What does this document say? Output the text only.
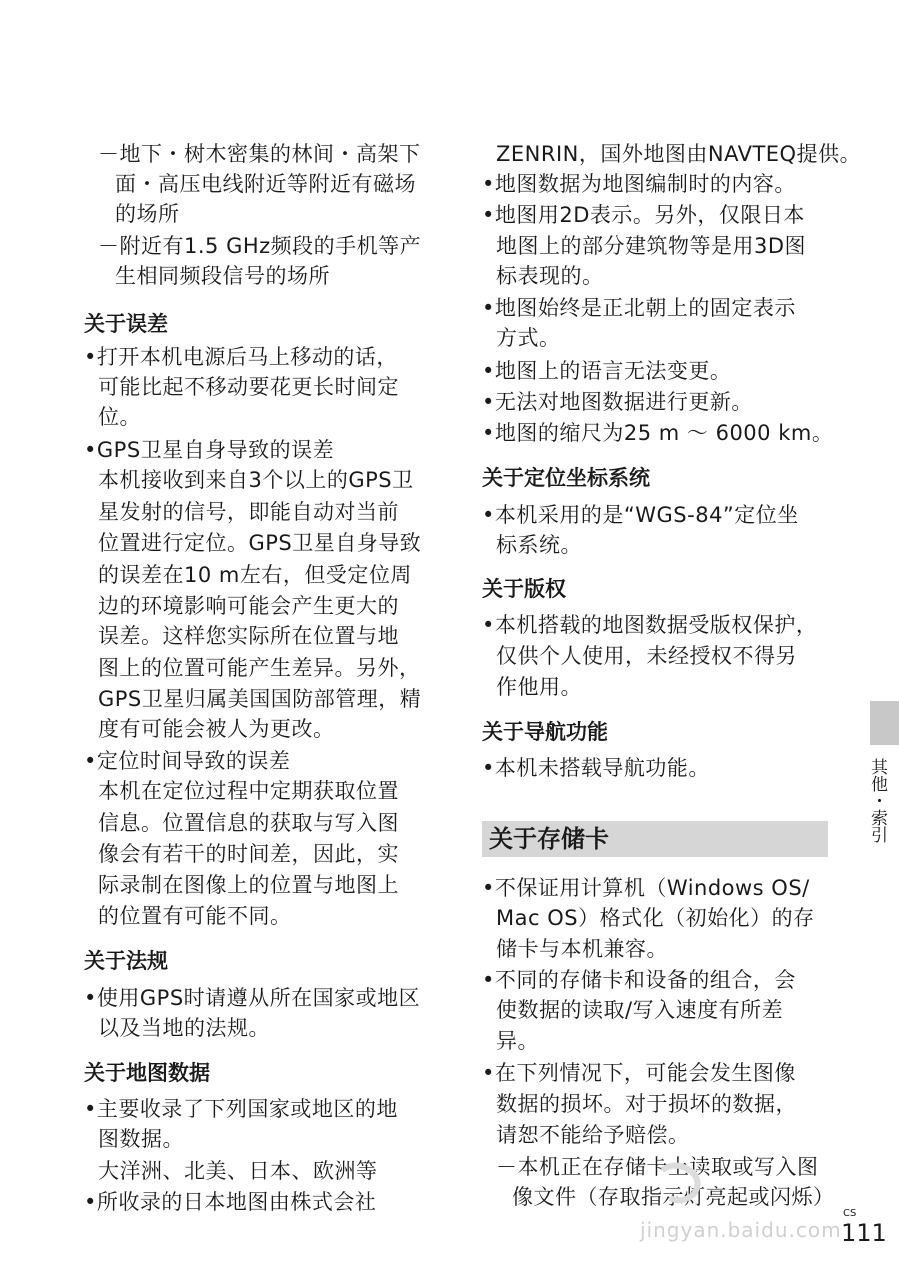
－地下・树木密集的林间・高架下
面・高压电线附近等附近有磁场
的场所
－附近有1.5 GHz频段的手机等产
生相同频段信号的场所
关于误差
•打开本机电源后马上移动的话，
可能比起不移动要花更长时间定
位。
•GPS卫星自身导致的误差
本机接收到来自3个以上的GPS卫
星发射的信号，即能自动对当前
位置进行定位。GPS卫星自身导致
的误差在10 m左右，但受定位周
边的环境影响可能会产生更大的
误差。这样您实际所在位置与地
图上的位置可能产生差异。另外，
GPS卫星归属美国国防部管理，精
度有可能会被人为更改。
•定位时间导致的误差
本机在定位过程中定期获取位置
信息。位置信息的获取与写入图
像会有若干的时间差，因此，实
际录制在图像上的位置与地图上
的位置有可能不同。
关于法规
•使用GPS时请遵从所在国家或地区
以及当地的法规。
关于地图数据
•主要收录了下列国家或地区的地
图数据。
大洋洲、北美、日本、欧洲等
•所收录的日本地图由株式会社
ZENRIN，国外地图由NAVTEQ提供。
•地图数据为地图编制时的内容。
•地图用2D表示。另外，仅限日本
地图上的部分建筑物等是用3D图
标表现的。
•地图始终是正北朝上的固定表示
方式。
•地图上的语言无法变更。
•无法对地图数据进行更新。
•地图的缩尺为25 m ～ 6000 km。
关于定位坐标系统
•本机采用的是“WGS-84”定位坐
标系统。
关于版权
•本机搭载的地图数据受版权保护，
仅供个人使用，未经授权不得另
作他用。
关于导航功能
•本机未搭载导航功能。
•不保证用计算机（Windows OS/
Mac OS）格式化（初始化）的存
储卡与本机兼容。
•不同的存储卡和设备的组合，会
使数据的读取/写入速度有所差
异。
•在下列情况下，可能会发生图像
数据的损坏。对于损坏的数据，
请恕不能给予赔偿。
－本机正在存储卡上读取或写入图
像文件（存取指示灯亮起或闪烁）
关于存储卡	其他・索引
CS
111
jingyan.baidu.com
